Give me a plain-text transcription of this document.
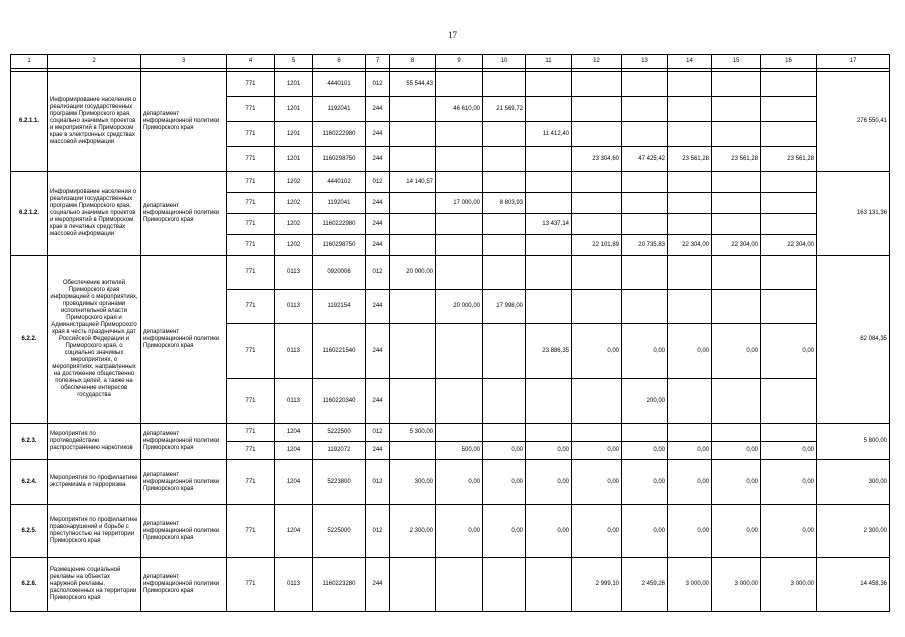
17
1	2	3	4	5	6	7	8	9	10	11	12	13	14	15	16	17

6.2.1.1.	Информирование населения о реализации государственных программ Приморского края, социально значимых проектов и мероприятий в Приморском крае в электронных средствах массовой информации	департамент информационной политики Приморского края	771	1201	4440101	012	55 544,43									276 550,41
			771	1201	1192041	244		46 610,00	21 569,72							
			771	1201	1160222980	244				11 412,40						
			771	1201	1160298750	244					23 304,60	47 425,42	23 561,28	23 561,28	23 561,28	
6.2.1.2.	Информирование населения о реализации государственных программ Приморского края, социально значимых проектов и мероприятий в Приморском крае в печатных средствах массовой информации	департамент информационной политики Приморского края	771	1202	4440102	012	14 140,57									163 131,36
			771	1202	1192041	244		17 000,00	8 803,93							
			771	1202	1160222980	244				13 437,14						
			771	1202	1160298750	244					22 101,89	20 735,83	22 304,00	22 304,00	22 304,00	
6.2.2.	Обеспечение жителей Приморского края информацией о мероприятиях, проводимых органами исполнительной власти Приморского края и Администрацией Приморского края в честь праздничных дат Российской Федерации и Приморского края, о социально значимых мероприятиях, о мероприятиях, направленных на достижение общественно полезных целей, а также на обеспечение интересов государства	департамент информационной политики Приморского края	771	0113	0920006	012	20 000,00									82 084,35
			771	0113	1192154	244		20 000,00	17 998,00							
			771	0113	1160221540	244				23 886,35	0,00	0,00	0,00	0,00	0,00	
			771	0113	1160220340	244						200,00				
6.2.3.	Мероприятия по противодействию распространению наркотиков	департамент информационной политики Приморского края	771	1204	5222500	012	5 300,00									5 800,00
			771	1204	1192072	244		500,00	0,00	0,00	0,00	0,00	0,00	0,00	0,00	
6.2.4.	Мероприятия по профилактике экстремизма и терроризма	департамент информационной политики Приморского края	771	1204	5223800	012	300,00	0,00	0,00	0,00	0,00	0,00	0,00	0,00	0,00	300,00
6.2.5.	Мероприятия по профилактике правонарушений и борьбе с преступностью на территории Приморского края	департамент информационной политики Приморского края	771	1204	5225000	012	2 300,00	0,00	0,00	0,00	0,00	0,00	0,00	0,00	0,00	2 300,00
6.2.6.	Размещение социальной рекламы на объектах наружной рекламы, расположенных на территории Приморского края	департамент информационной политики Приморского края	771	0113	1160223280	244					2 999,10	2 459,26	3 000,00	3 000,00	3 000,00	14 458,36
